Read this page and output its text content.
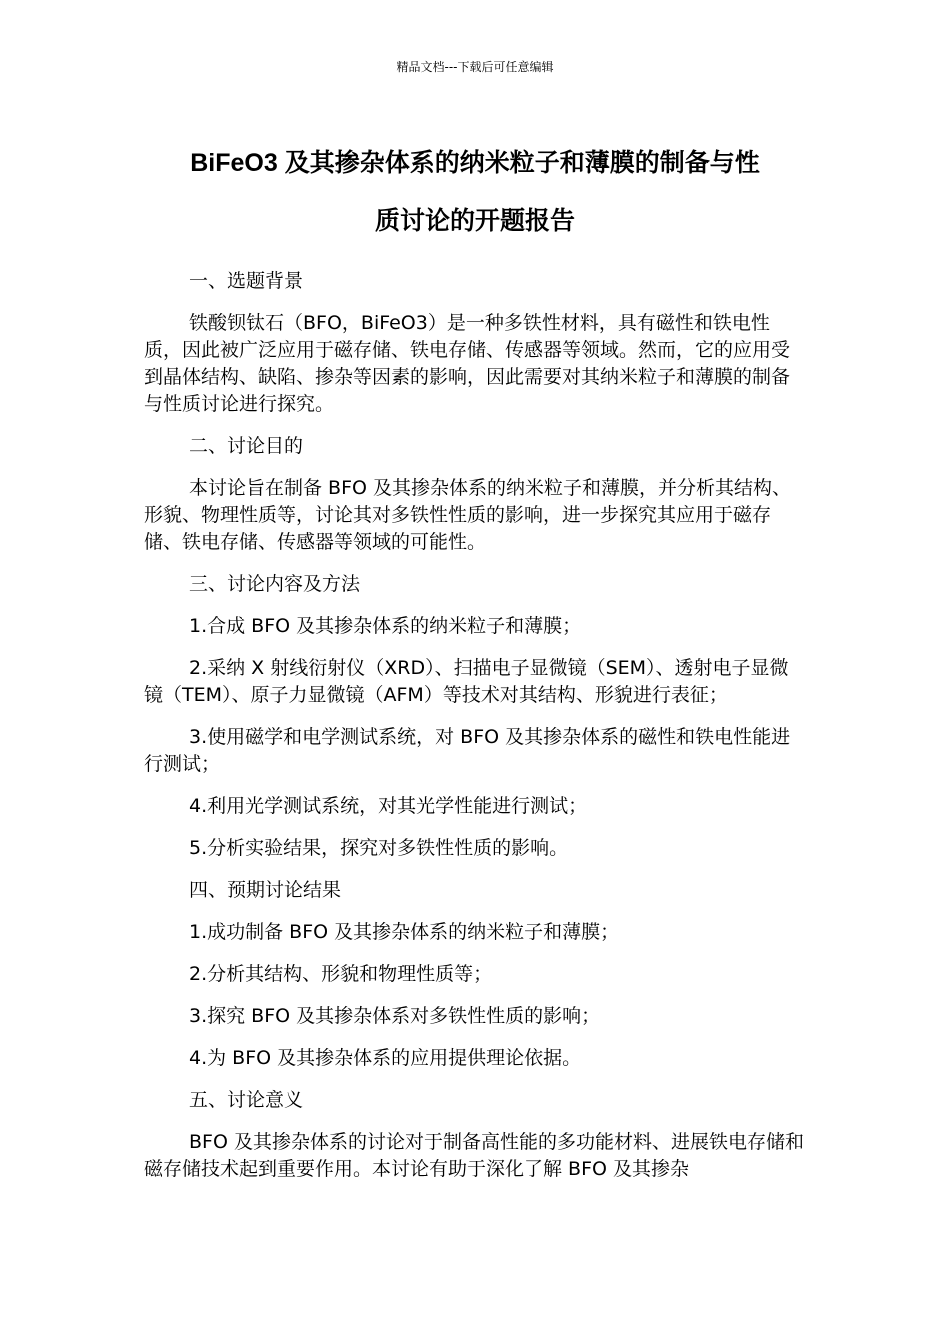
精品文档---下载后可任意编辑
BiFeO3 及其掺杂体系的纳米粒子和薄膜的制备与性
质讨论的开题报告

一、选题背景

铁酸钡钛石（BFO，BiFeO3）是一种多铁性材料，具有磁性和铁电性质，因此被广泛应用于磁存储、铁电存储、传感器等领域。然而，它的应用受到晶体结构、缺陷、掺杂等因素的影响，因此需要对其纳米粒子和薄膜的制备与性质讨论进行探究。

二、讨论目的

本讨论旨在制备 BFO 及其掺杂体系的纳米粒子和薄膜，并分析其结构、形貌、物理性质等，讨论其对多铁性性质的影响，进一步探究其应用于磁存储、铁电存储、传感器等领域的可能性。

三、讨论内容及方法

1.合成 BFO 及其掺杂体系的纳米粒子和薄膜；

2.采纳 X 射线衍射仪（XRD）、扫描电子显微镜（SEM）、透射电子显微镜（TEM）、原子力显微镜（AFM）等技术对其结构、形貌进行表征；

3.使用磁学和电学测试系统，对 BFO 及其掺杂体系的磁性和铁电性能进行测试；

4.利用光学测试系统，对其光学性能进行测试；

5.分析实验结果，探究对多铁性性质的影响。

四、预期讨论结果

1.成功制备 BFO 及其掺杂体系的纳米粒子和薄膜；

2.分析其结构、形貌和物理性质等；

3.探究 BFO 及其掺杂体系对多铁性性质的影响；

4.为 BFO 及其掺杂体系的应用提供理论依据。

五、讨论意义

BFO 及其掺杂体系的讨论对于制备高性能的多功能材料、进展铁电存储和磁存储技术起到重要作用。本讨论有助于深化了解 BFO 及其掺杂
